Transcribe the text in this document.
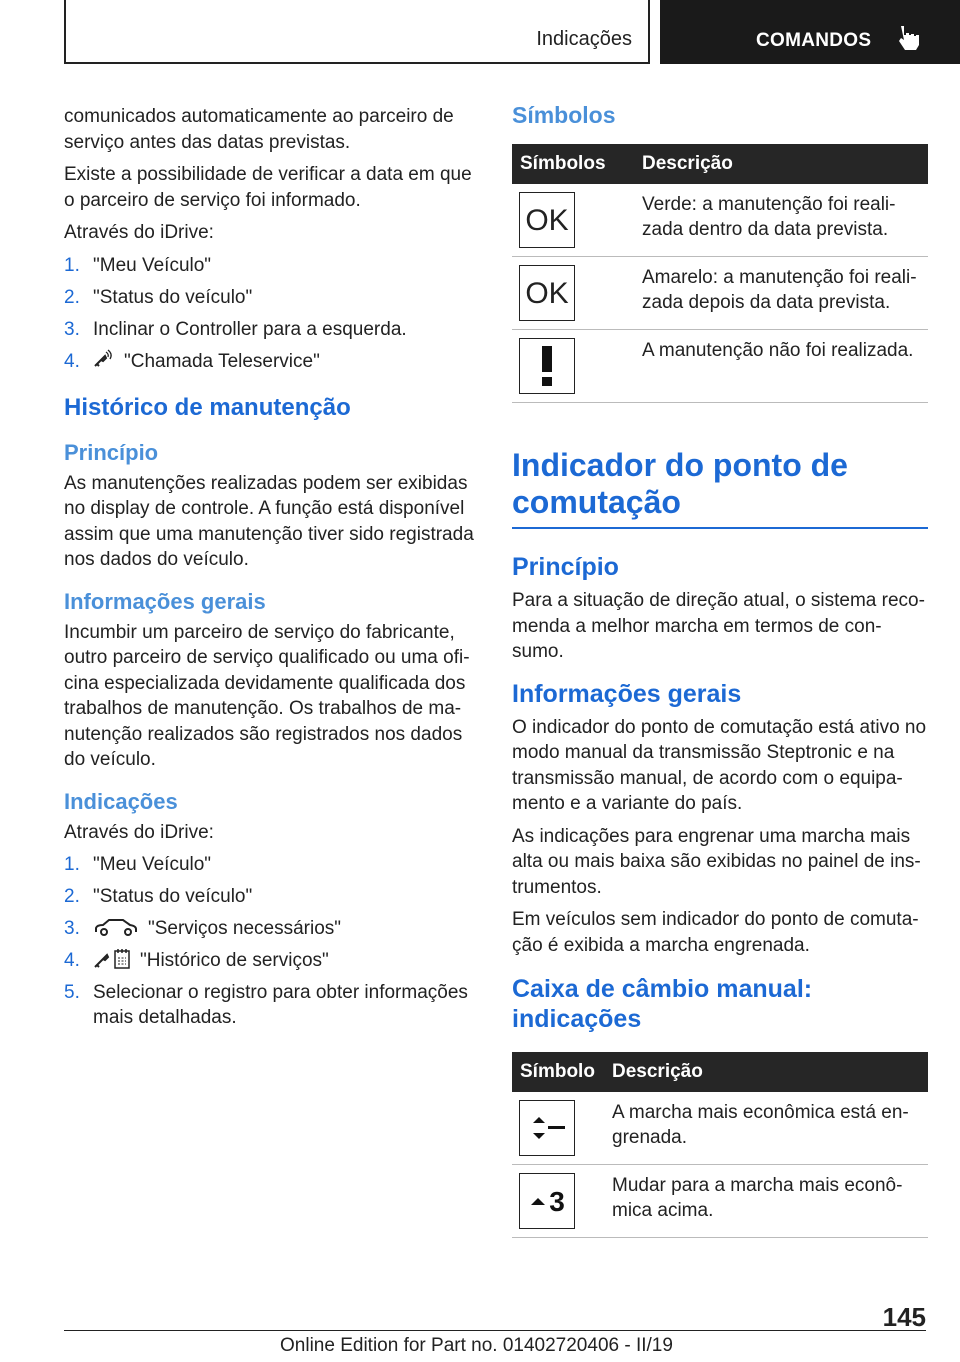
Indicações	COMANDOS

comunicados automaticamente ao parceiro de serviço antes das datas previstas.

Existe a possibilidade de verificar a data em que o parceiro de serviço foi informado.

Através do iDrive:

1. "Meu Veículo"
2. "Status do veículo"
3. Inclinar o Controller para a esquerda.
4. "Chamada Teleservice"
Histórico de manutenção
Princípio

As manutenções realizadas podem ser exibidas no display de controle. A função está disponível assim que uma manutenção tiver sido registrada nos dados do veículo.

Informações gerais

Incumbir um parceiro de serviço do fabricante, outro parceiro de serviço qualificado ou uma ofi‐ cina especializada devidamente qualificada dos trabalhos de manutenção. Os trabalhos de ma‐ nutenção realizados são registrados nos dados do veículo.

Indicações

Através do iDrive:

1. "Meu Veículo"
2. "Status do veículo"
3.	"Serviços necessários"
4.	"Histórico de serviços"
5. Selecionar o registro para obter informações mais detalhadas.
Símbolos
Símbolos	Descrição

OK	Verde: a manutenção foi reali‐ zada dentro da data prevista.

OK	Amarelo: a manutenção foi reali‐ zada depois da data prevista.

	A manutenção não foi realizada.
Indicador do ponto de comutação
Princípio

Para a situação de direção atual, o sistema reco‐ menda a melhor marcha em termos de con‐ sumo.

Informações gerais

O indicador do ponto de comutação está ativo no modo manual da transmissão Steptronic e na transmissão manual, de acordo com o equipa‐ mento e a variante do país.

As indicações para engrenar uma marcha mais alta ou mais baixa são exibidas no painel de ins‐ trumentos.

Em veículos sem indicador do ponto de comuta‐ ção é exibida a marcha engrenada.

Caixa de câmbio manual: indicações
Símbolo	Descrição

	A marcha mais econômica está en‐ grenada.

3	Mudar para a marcha mais econô‐ mica acima.
145
Online Edition for Part no. 01402720406 - II/19
